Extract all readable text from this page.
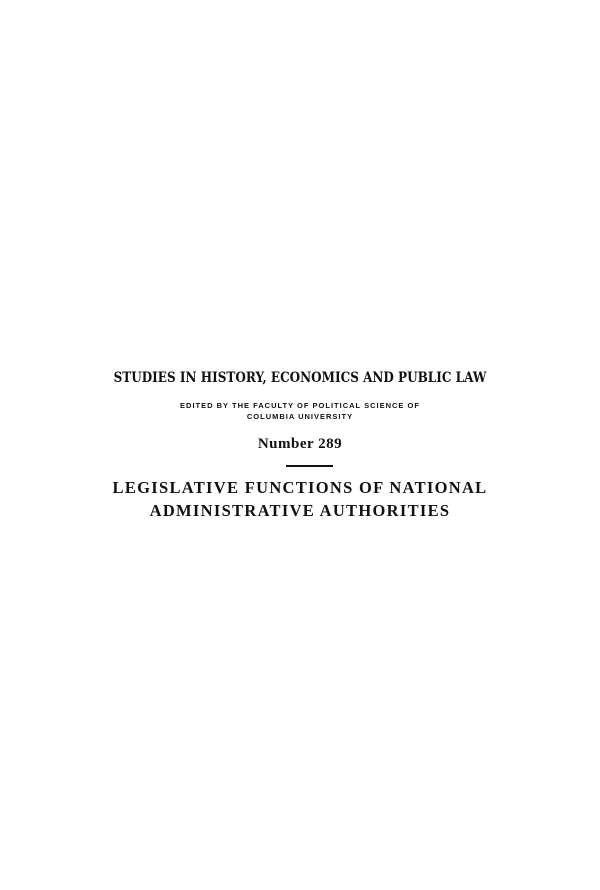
STUDIES IN HISTORY, ECONOMICS AND PUBLIC LAW
EDITED BY THE FACULTY OF POLITICAL SCIENCE OF
COLUMBIA UNIVERSITY
Number 289
LEGISLATIVE FUNCTIONS OF NATIONAL
ADMINISTRATIVE AUTHORITIES
